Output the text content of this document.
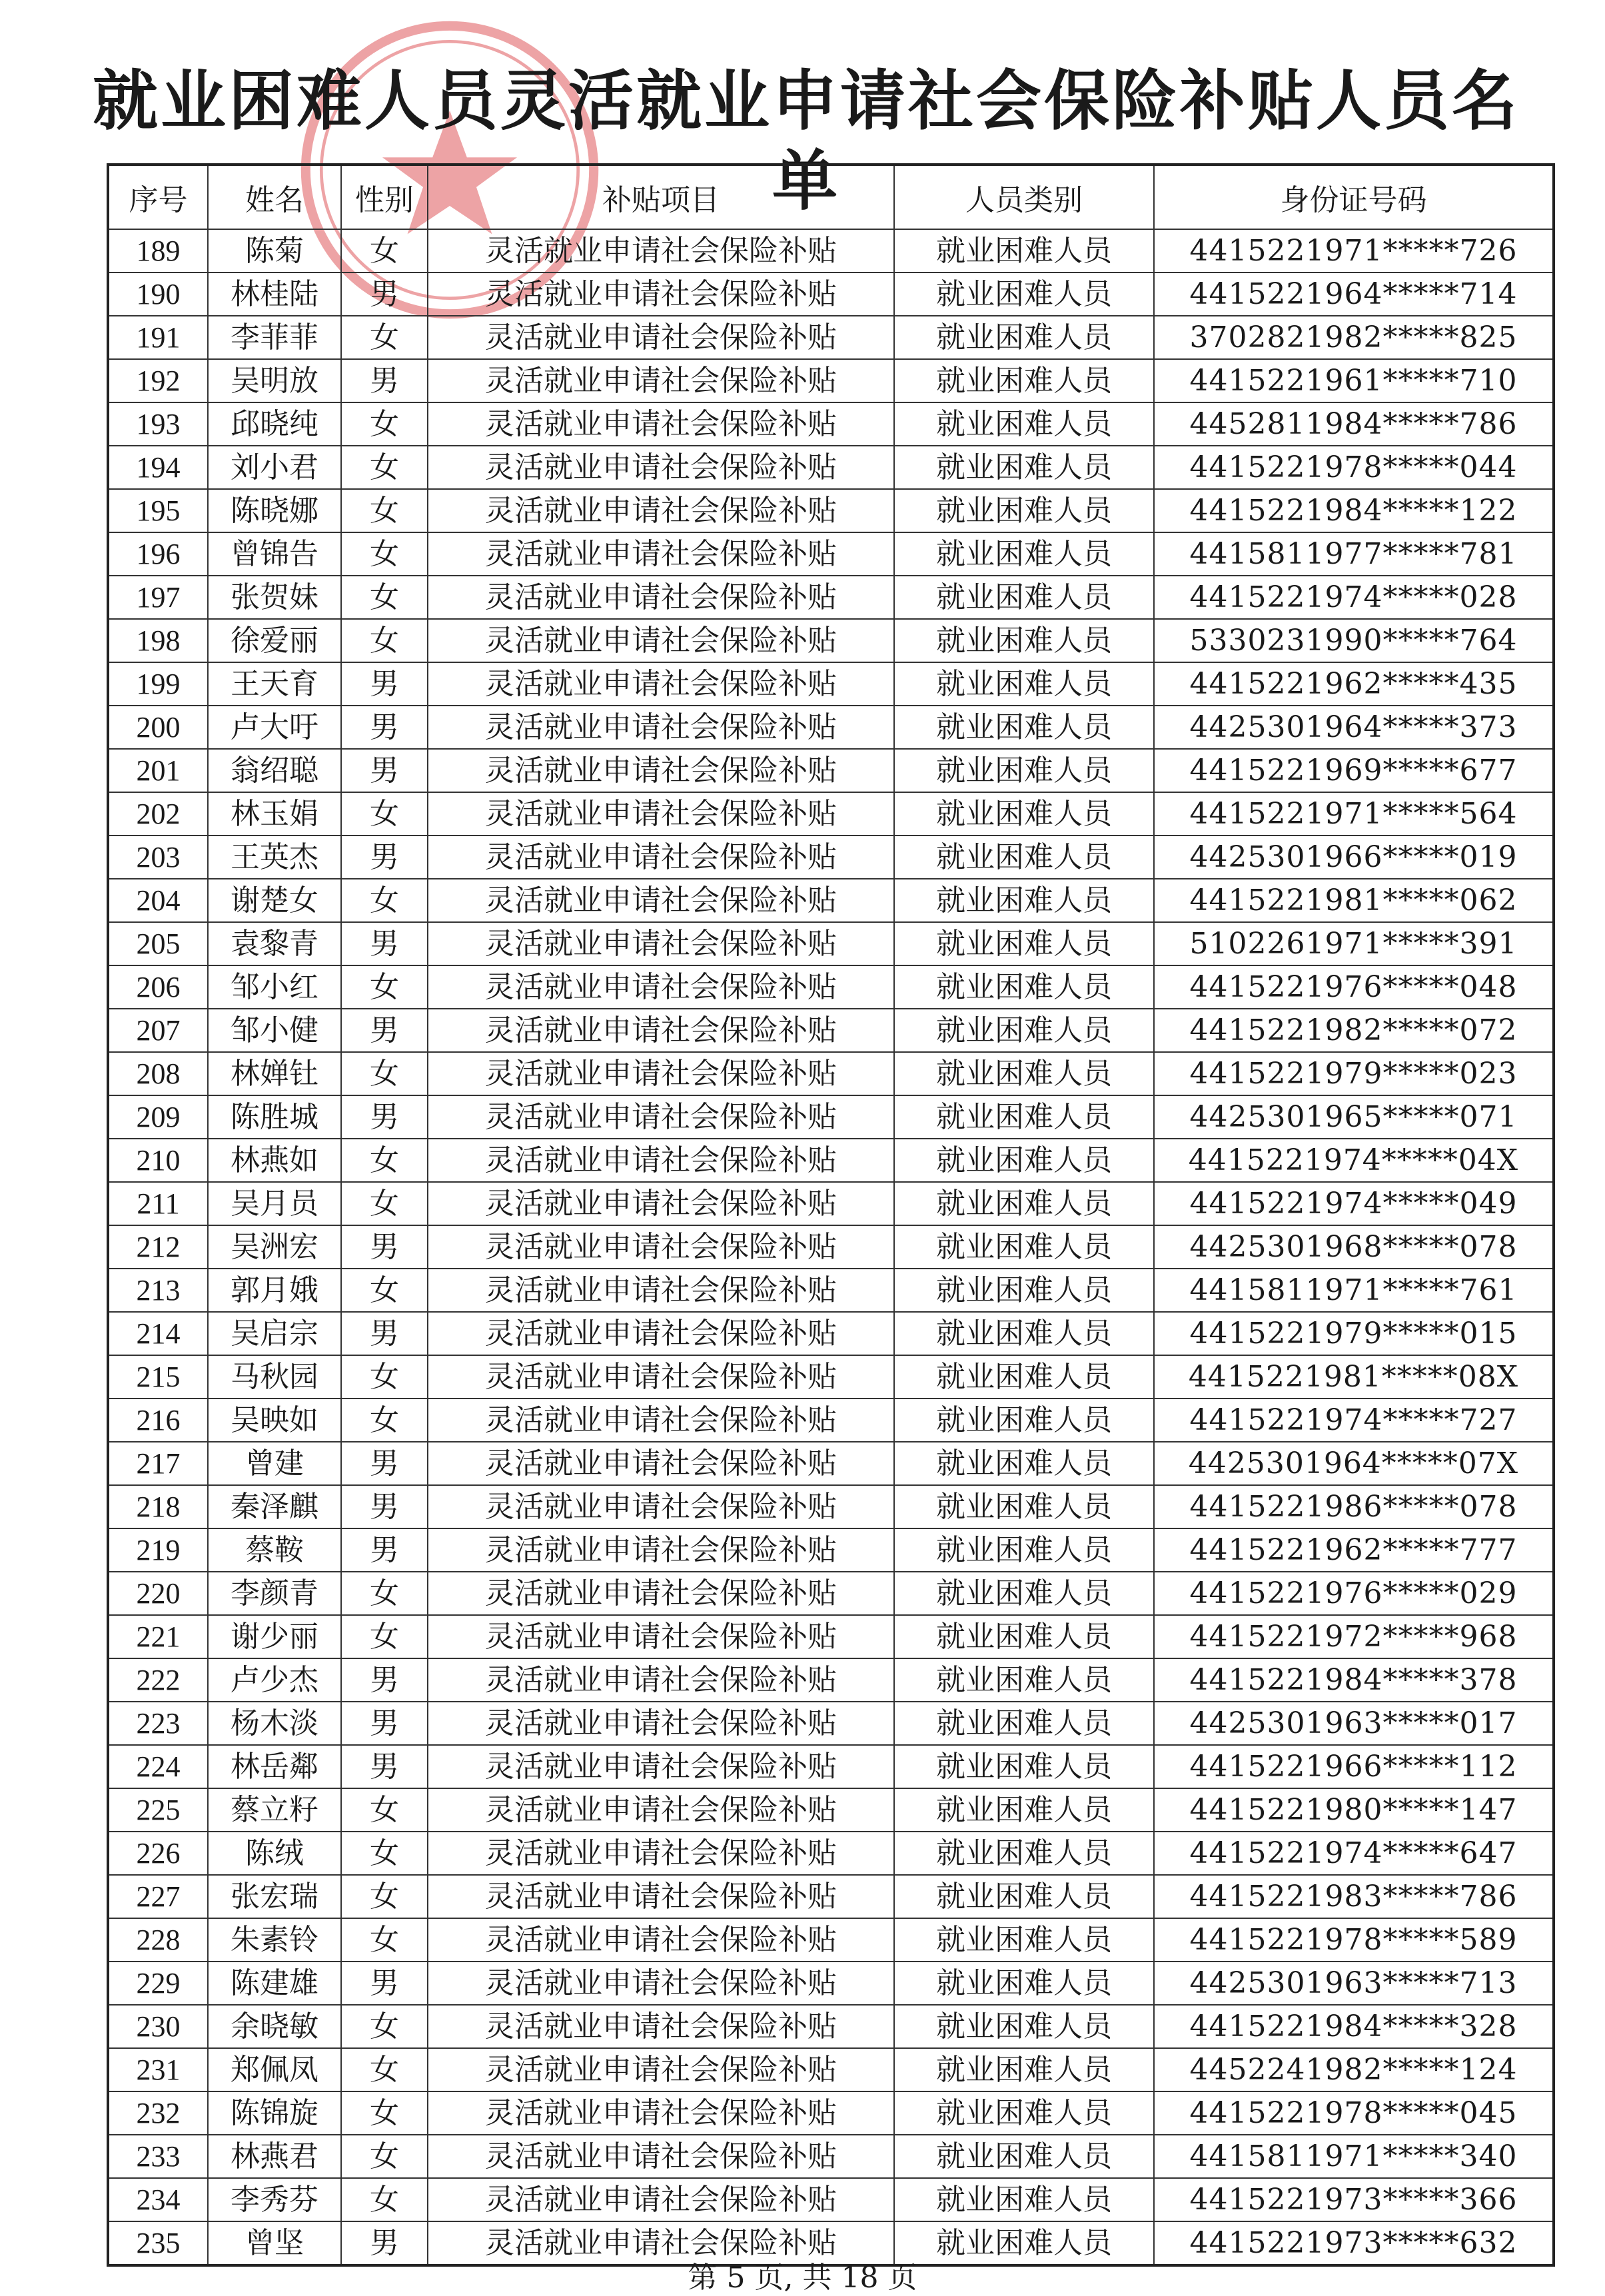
就业困难人员灵活就业申请社会保险补贴人员名单
序号	姓名	性别	补贴项目	人员类别	身份证号码
189	陈菊	女	灵活就业申请社会保险补贴	就业困难人员	4415221971*****726
190	林桂陆	男	灵活就业申请社会保险补贴	就业困难人员	4415221964*****714
191	李菲菲	女	灵活就业申请社会保险补贴	就业困难人员	3702821982*****825
192	吴明放	男	灵活就业申请社会保险补贴	就业困难人员	4415221961*****710
193	邱晓纯	女	灵活就业申请社会保险补贴	就业困难人员	4452811984*****786
194	刘小君	女	灵活就业申请社会保险补贴	就业困难人员	4415221978*****044
195	陈晓娜	女	灵活就业申请社会保险补贴	就业困难人员	4415221984*****122
196	曾锦告	女	灵活就业申请社会保险补贴	就业困难人员	4415811977*****781
197	张贺妹	女	灵活就业申请社会保险补贴	就业困难人员	4415221974*****028
198	徐爱丽	女	灵活就业申请社会保险补贴	就业困难人员	5330231990*****764
199	王天育	男	灵活就业申请社会保险补贴	就业困难人员	4415221962*****435
200	卢大吁	男	灵活就业申请社会保险补贴	就业困难人员	4425301964*****373
201	翁绍聪	男	灵活就业申请社会保险补贴	就业困难人员	4415221969*****677
202	林玉娟	女	灵活就业申请社会保险补贴	就业困难人员	4415221971*****564
203	王英杰	男	灵活就业申请社会保险补贴	就业困难人员	4425301966*****019
204	谢楚女	女	灵活就业申请社会保险补贴	就业困难人员	4415221981*****062
205	袁黎青	男	灵活就业申请社会保险补贴	就业困难人员	5102261971*****391
206	邹小红	女	灵活就业申请社会保险补贴	就业困难人员	4415221976*****048
207	邹小健	男	灵活就业申请社会保险补贴	就业困难人员	4415221982*****072
208	林婵钍	女	灵活就业申请社会保险补贴	就业困难人员	4415221979*****023
209	陈胜城	男	灵活就业申请社会保险补贴	就业困难人员	4425301965*****071
210	林燕如	女	灵活就业申请社会保险补贴	就业困难人员	4415221974*****04X
211	吴月员	女	灵活就业申请社会保险补贴	就业困难人员	4415221974*****049
212	吴洲宏	男	灵活就业申请社会保险补贴	就业困难人员	4425301968*****078
213	郭月娥	女	灵活就业申请社会保险补贴	就业困难人员	4415811971*****761
214	吴启宗	男	灵活就业申请社会保险补贴	就业困难人员	4415221979*****015
215	马秋园	女	灵活就业申请社会保险补贴	就业困难人员	4415221981*****08X
216	吴映如	女	灵活就业申请社会保险补贴	就业困难人员	4415221974*****727
217	曾建	男	灵活就业申请社会保险补贴	就业困难人员	4425301964*****07X
218	秦泽麒	男	灵活就业申请社会保险补贴	就业困难人员	4415221986*****078
219	蔡鞍	男	灵活就业申请社会保险补贴	就业困难人员	4415221962*****777
220	李颜青	女	灵活就业申请社会保险补贴	就业困难人员	4415221976*****029
221	谢少丽	女	灵活就业申请社会保险补贴	就业困难人员	4415221972*****968
222	卢少杰	男	灵活就业申请社会保险补贴	就业困难人员	4415221984*****378
223	杨木淡	男	灵活就业申请社会保险补贴	就业困难人员	4425301963*****017
224	林岳鄰	男	灵活就业申请社会保险补贴	就业困难人员	4415221966*****112
225	蔡立籽	女	灵活就业申请社会保险补贴	就业困难人员	4415221980*****147
226	陈绒	女	灵活就业申请社会保险补贴	就业困难人员	4415221974*****647
227	张宏瑞	女	灵活就业申请社会保险补贴	就业困难人员	4415221983*****786
228	朱素铃	女	灵活就业申请社会保险补贴	就业困难人员	4415221978*****589
229	陈建雄	男	灵活就业申请社会保险补贴	就业困难人员	4425301963*****713
230	余晓敏	女	灵活就业申请社会保险补贴	就业困难人员	4415221984*****328
231	郑佩凤	女	灵活就业申请社会保险补贴	就业困难人员	4452241982*****124
232	陈锦旋	女	灵活就业申请社会保险补贴	就业困难人员	4415221978*****045
233	林燕君	女	灵活就业申请社会保险补贴	就业困难人员	4415811971*****340
234	李秀芬	女	灵活就业申请社会保险补贴	就业困难人员	4415221973*****366
235	曾坚	男	灵活就业申请社会保险补贴	就业困难人员	4415221973*****632
第 5 页, 共 18 页
